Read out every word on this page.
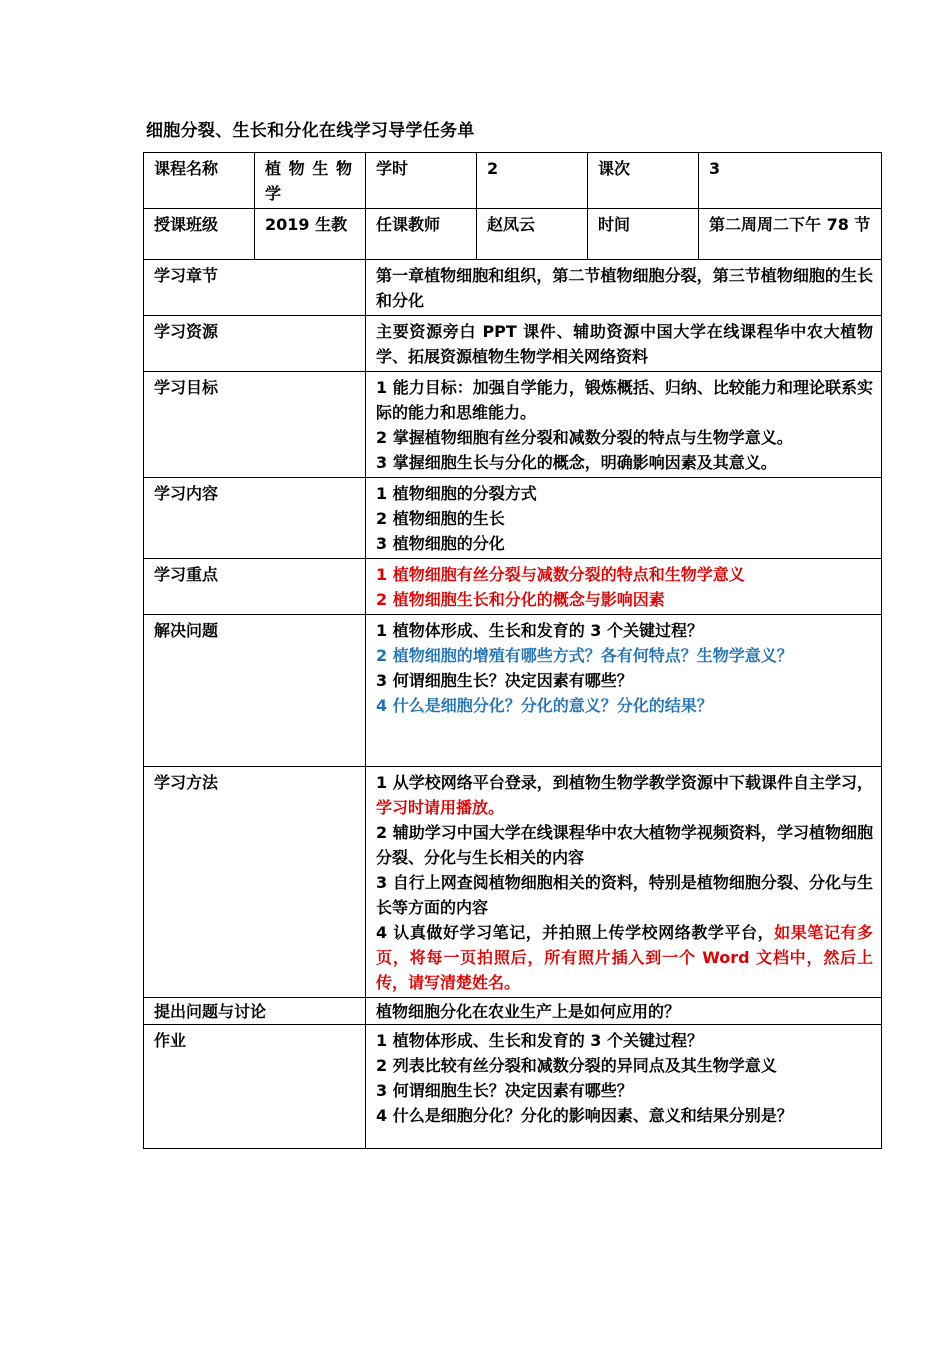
细胞分裂、生长和分化在线学习导学任务单
课程名称	植物生物学	学时	2	课次	3
授课班级	2019 生教	任课教师	赵凤云	时间	第二周周二下午 78 节
学习章节		第一章植物细胞和组织，第二节植物细胞分裂，第三节植物细胞的生长和分化			
学习资源		主要资源旁白 PPT 课件、辅助资源中国大学在线课程华中农大植物学、拓展资源植物生物学相关网络资料			
学习目标		1 能力目标：加强自学能力，锻炼概括、归纳、比较能力和理论联系实际的能力和思维能力。
2 掌握植物细胞有丝分裂和减数分裂的特点与生物学意义。
3 掌握细胞生长与分化的概念，明确影响因素及其意义。			

学习内容		1 植物细胞的分裂方式
2 植物细胞的生长
3 植物细胞的分化			

学习重点		1 植物细胞有丝分裂与减数分裂的特点和生物学意义
2 植物细胞生长和分化的概念与影响因素			

解决问题		1 植物体形成、生长和发育的 3 个关键过程？
2 植物细胞的增殖有哪些方式？各有何特点？生物学意义？
3 何谓细胞生长？决定因素有哪些？
4 什么是细胞分化？分化的意义？分化的结果？			

学习方法		1 从学校网络平台登录，到植物生物学教学资源中下载课件自主学习，学习时请用播放。
2 辅助学习中国大学在线课程华中农大植物学视频资料，学习植物细胞分裂、分化与生长相关的内容
3 自行上网查阅植物细胞相关的资料，特别是植物细胞分裂、分化与生长等方面的内容
4 认真做好学习笔记，并拍照上传学校网络教学平台，如果笔记有多页，将每一页拍照后，所有照片插入到一个 Word 文档中，然后上传，请写清楚姓名。			

提出问题与讨论		植物细胞分化在农业生产上是如何应用的？			
作业		1 植物体形成、生长和发育的 3 个关键过程？
2 列表比较有丝分裂和减数分裂的异同点及其生物学意义
3 何谓细胞生长？决定因素有哪些？
4 什么是细胞分化？分化的影响因素、意义和结果分别是？			
